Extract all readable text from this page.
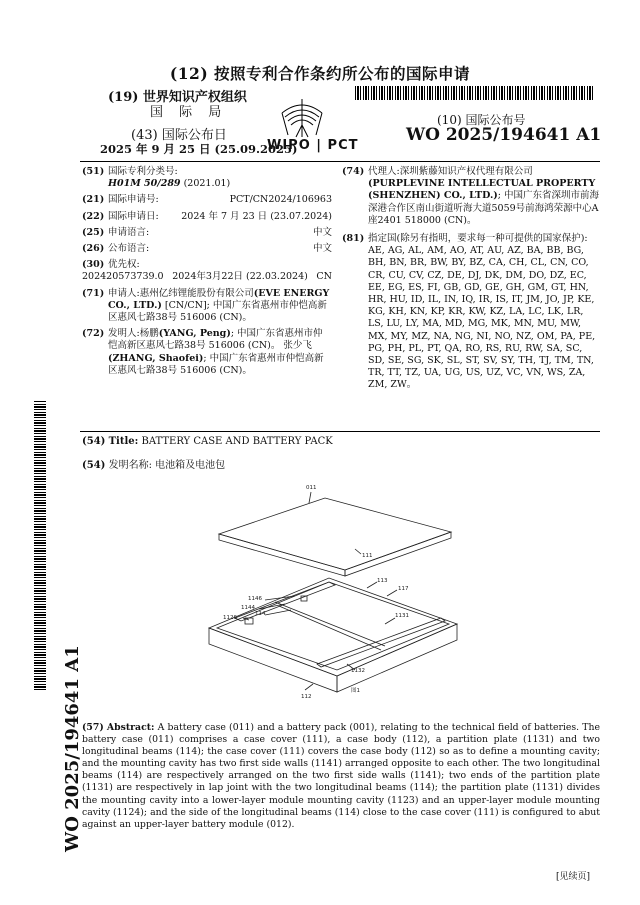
(12) 按照专利合作条约所公布的国际申请
(19) 世界知识产权组织
国 际 局
(43) 国际公布日
2025 年 9 月 25 日 (25.09.2025)
WIPO | PCT
(10) 国际公布号
WO 2025/194641 A1
(51) 国际专利分类号:
H01M 50/289 (2021.01)
(21) 国际申请号:	PCT/CN2024/106963
(22) 国际申请日: 2024 年 7 月 23 日 (23.07.2024)
(25) 申请语言:	中文
(26) 公布语言:	中文
(30) 优先权:
202420573739.0 2024年3月22日 (22.03.2024) CN
(71) 申请人:惠州亿纬锂能股份有限公司(EVE ENERGY CO., LTD.) [CN/CN]; 中国广东省惠州市仲恺高新区惠风七路38号 516006 (CN)。
(72) 发明人:杨鹏(YANG, Peng); 中国广东省惠州市仲恺高新区惠风七路38号 516006 (CN)。 张少飞(ZHANG, Shaofei); 中国广东省惠州市仲恺高新区惠风七路38号 516006 (CN)。
(74) 代理人:深圳紫藤知识产权代理有限公司(PURPLEVINE INTELLECTUAL PROPERTY (SHENZHEN) CO., LTD.); 中国广东省深圳市前海深港合作区南山街道听海大道5059号前海鸿荣源中心A座2401 518000 (CN)。
(81) 指定国(除另有指明，要求每一种可提供的国家保护): AE, AG, AL, AM, AO, AT, AU, AZ, BA, BB, BG, BH, BN, BR, BW, BY, BZ, CA, CH, CL, CN, CO, CR, CU, CV, CZ, DE, DJ, DK, DM, DO, DZ, EC, EE, EG, ES, FI, GB, GD, GE, GH, GM, GT, HN, HR, HU, ID, IL, IN, IQ, IR, IS, IT, JM, JO, JP, KE, KG, KH, KN, KP, KR, KW, KZ, LA, LC, LK, LR, LS, LU, LY, MA, MD, MG, MK, MN, MU, MW, MX, MY, MZ, NA, NG, NI, NO, NZ, OM, PA, PE, PG, PH, PL, PT, QA, RO, RS, RU, RW, SA, SC, SD, SE, SG, SK, SL, ST, SV, SY, TH, TJ, TM, TN, TR, TT, TZ, UA, UG, US, UZ, VC, VN, WS, ZA, ZM, ZW。
WO 2025/194641 A1
(54) Title: BATTERY CASE AND BATTERY PACK
(54) 发明名称: 电池箱及电池包
011
111
113
117
1146
1144
114
1126	1131
1132
112
图1
(57) Abstract: A battery case (011) and a battery pack (001), relating to the technical field of batteries. The battery case (011) comprises a case cover (111), a case body (112), a partition plate (1131) and two longitudinal beams (114); the case cover (111) covers the case body (112) so as to define a mounting cavity; and the mounting cavity has two first side walls (1141) arranged opposite to each other. The two longitudinal beams (114) are respectively arranged on the two first side walls (1141); two ends of the partition plate (1131) are respectively in lap joint with the two longitudinal beams (114); the partition plate (1131) divides the mounting cavity into a lower-layer module mounting cavity (1123) and an upper-layer module mounting cavity (1124); and the side of the longitudinal beams (114) close to the case cover (111) is configured to abut against an upper-layer battery module (012).
[见续页]
